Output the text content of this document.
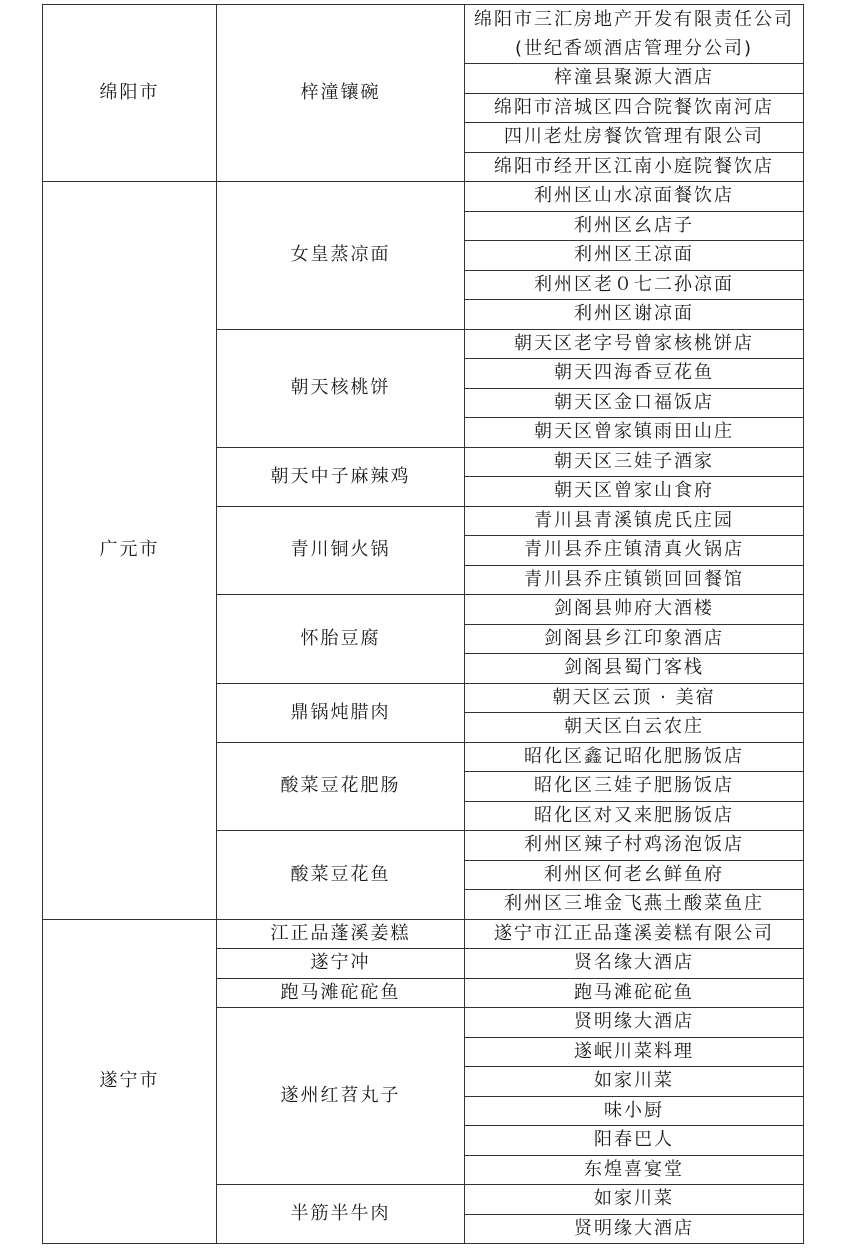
绵阳市	梓潼镶碗	绵阳市三汇房地产开发有限责任公司(世纪香颂酒店管理分公司)
		梓潼县聚源大酒店
		绵阳市涪城区四合院餐饮南河店
		四川老灶房餐饮管理有限公司
		绵阳市经开区江南小庭院餐饮店
广元市	女皇蒸凉面	利州区山水凉面餐饮店
		利州区幺店子
		利州区王凉面
		利州区老０七二孙凉面
		利州区谢凉面
	朝天核桃饼	朝天区老字号曾家核桃饼店
		朝天四海香豆花鱼
		朝天区金口福饭店
		朝天区曾家镇雨田山庄
	朝天中子麻辣鸡	朝天区三娃子酒家
		朝天区曾家山食府
	青川铜火锅	青川县青溪镇虎氏庄园
		青川县乔庄镇清真火锅店
		青川县乔庄镇锁回回餐馆
	怀胎豆腐	剑阁县帅府大酒楼
		剑阁县乡江印象酒店
		剑阁县蜀门客栈
	鼎锅炖腊肉	朝天区云顶 · 美宿
		朝天区白云农庄
	酸菜豆花肥肠	昭化区鑫记昭化肥肠饭店
		昭化区三娃子肥肠饭店
		昭化区对又来肥肠饭店
	酸菜豆花鱼	利州区辣子村鸡汤泡饭店
		利州区何老幺鲜鱼府
		利州区三堆金飞燕土酸菜鱼庄
遂宁市	江正品蓬溪姜糕	遂宁市江正品蓬溪姜糕有限公司
	遂宁冲	贤名缘大酒店
	跑马滩砣砣鱼	跑马滩砣砣鱼
	遂州红苕丸子	贤明缘大酒店
		遂岷川菜料理
		如家川菜
		味小厨
		阳春巴人
		东煌喜宴堂
	半筋半牛肉	如家川菜
		贤明缘大酒店
